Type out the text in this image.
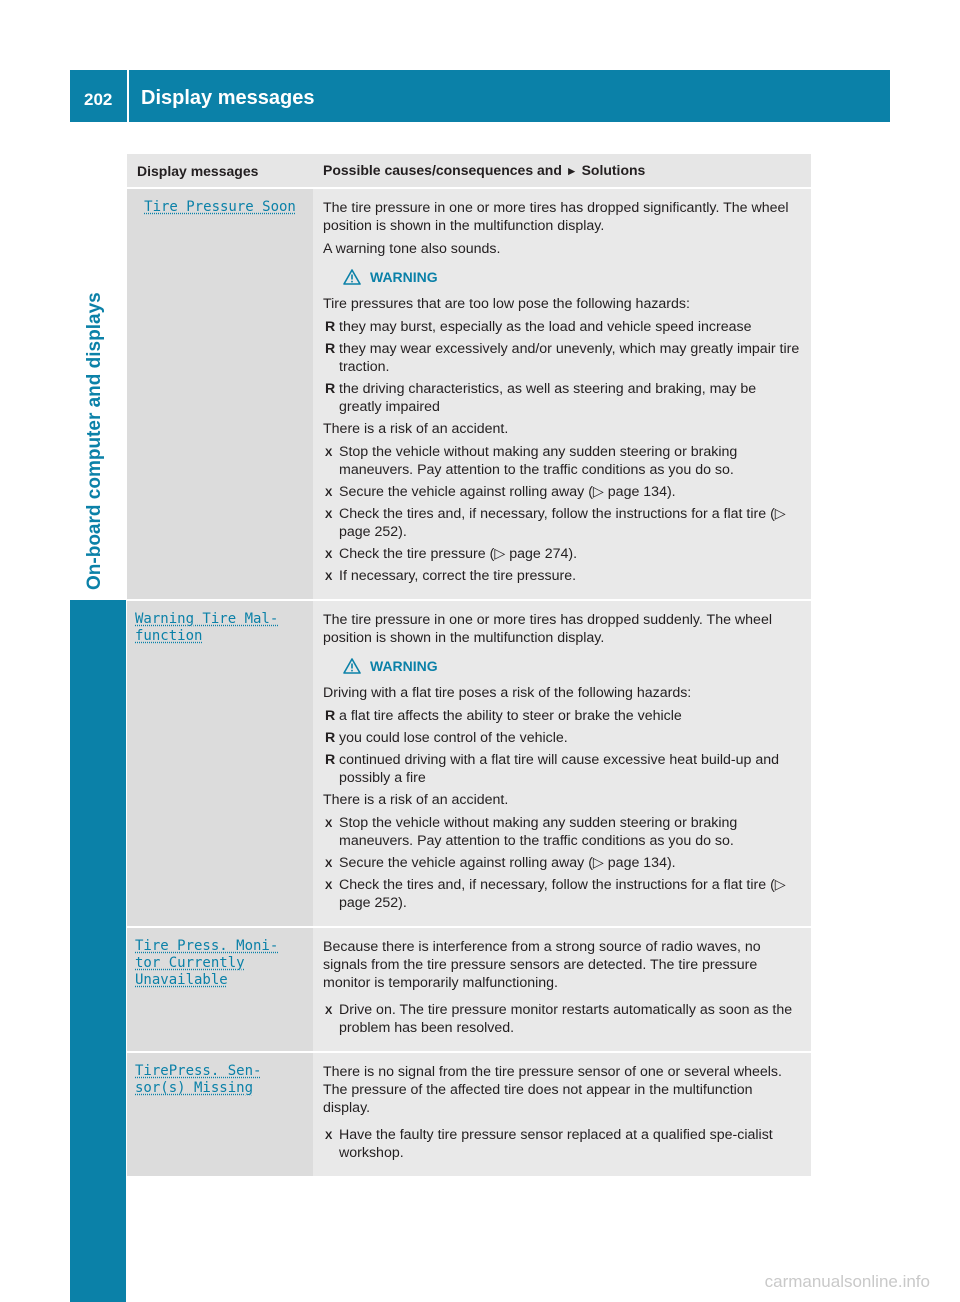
202 Display messages
On-board computer and displays
Display messages	Possible causes/consequences and ► Solutions
Tire Pressure Soon	The tire pressure in one or more tires has dropped significantly. The wheel position is shown in the multifunction display.

A warning tone also sounds.

WARNING

Tire pressures that are too low pose the following hazards:

R they may burst, especially as the load and vehicle speed increase
R they may wear excessively and/or unevenly, which may greatly impair tire traction.
R the driving characteristics, as well as steering and braking, may be greatly impaired

There is a risk of an accident.

X Stop the vehicle without making any sudden steering or braking maneuvers. Pay attention to the traffic conditions as you do so.
X Secure the vehicle against rolling away (▷ page 134).
X Check the tires and, if necessary, follow the instructions for a flat tire (▷ page 252).
X Check the tire pressure (▷ page 274).
X If necessary, correct the tire pressure.
Warning Tire Mal‐ function

The tire pressure in one or more tires has dropped suddenly. The wheel position is shown in the multifunction display.

WARNING

Driving with a flat tire poses a risk of the following hazards:

R a flat tire affects the ability to steer or brake the vehicle
R you could lose control of the vehicle.
R continued driving with a flat tire will cause excessive heat build-up and possibly a fire

There is a risk of an accident.

X Stop the vehicle without making any sudden steering or braking maneuvers. Pay attention to the traffic conditions as you do so.
X Secure the vehicle against rolling away (▷ page 134).
X Check the tires and, if necessary, follow the instructions for a flat tire (▷ page 252).
Tire Press. Moni‐ tor Currently Unavailable

Because there is interference from a strong source of radio waves, no signals from the tire pressure sensors are detected. The tire pressure monitor is temporarily malfunctioning.

X Drive on. The tire pressure monitor restarts automatically as soon as the problem has been resolved.
TirePress. Sen‐ sor(s) Missing

There is no signal from the tire pressure sensor of one or several wheels. The pressure of the affected tire does not appear in the multifunction display.

X Have the faulty tire pressure sensor replaced at a qualified spe-cialist workshop.
carmanualsonline.info
